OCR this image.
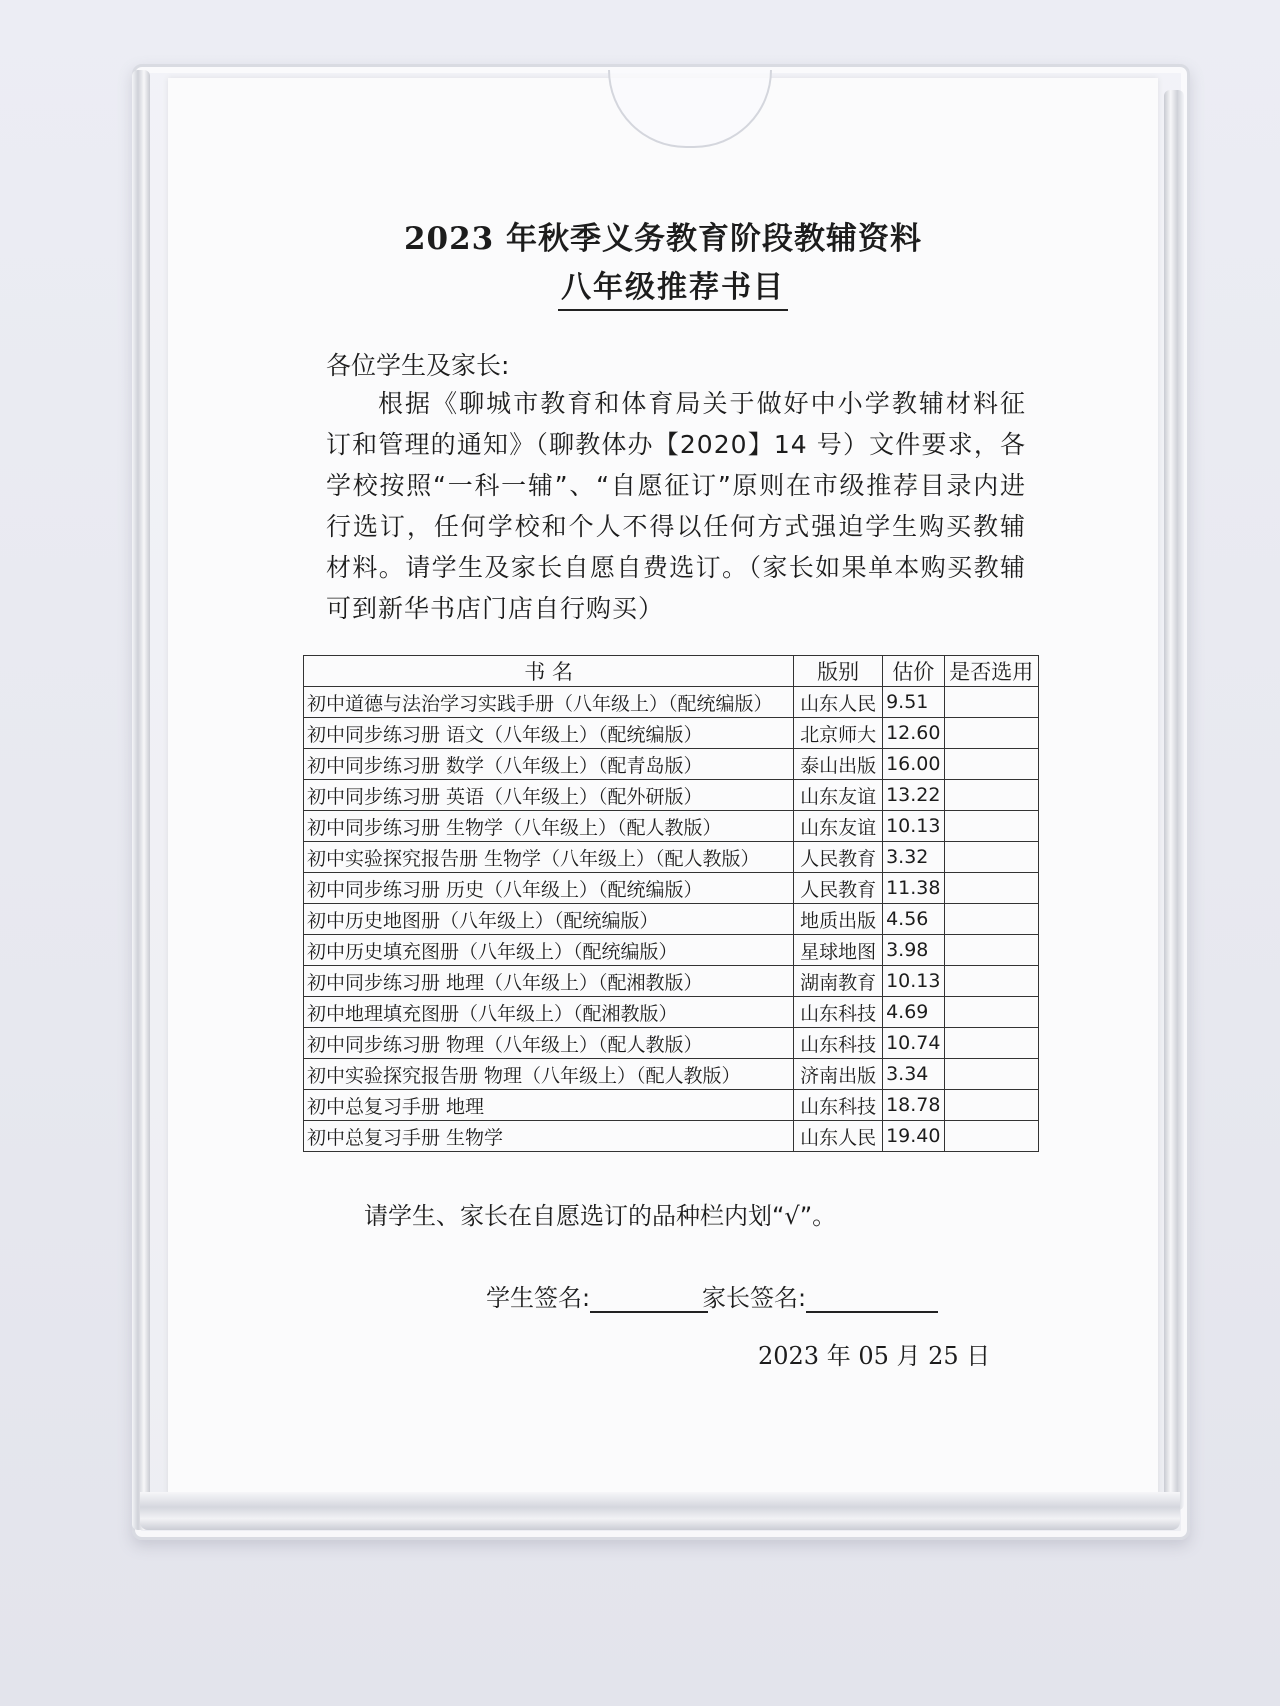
2023 年秋季义务教育阶段教辅资料
八年级推荐书目
各位学生及家长:
根据《聊城市教育和体育局关于做好中小学教辅材料征订和管理的通知》（聊教体办【2020】14 号）文件要求，各学校按照“一科一辅”、“自愿征订”原则在市级推荐目录内进行选订，任何学校和个人不得以任何方式强迫学生购买教辅材料。请学生及家长自愿自费选订。（家长如果单本购买教辅可到新华书店门店自行购买）
书 名	版别	估价	是否选用
初中道德与法治学习实践手册（八年级上）（配统编版）	山东人民	9.51	
初中同步练习册 语文（八年级上）（配统编版）	北京师大	12.60	
初中同步练习册 数学（八年级上）（配青岛版）	泰山出版	16.00	
初中同步练习册 英语（八年级上）（配外研版）	山东友谊	13.22	
初中同步练习册 生物学（八年级上）（配人教版）	山东友谊	10.13	
初中实验探究报告册 生物学（八年级上）（配人教版）	人民教育	3.32	
初中同步练习册 历史（八年级上）（配统编版）	人民教育	11.38	
初中历史地图册（八年级上）（配统编版）	地质出版	4.56	
初中历史填充图册（八年级上）（配统编版）	星球地图	3.98	
初中同步练习册 地理（八年级上）（配湘教版）	湖南教育	10.13	
初中地理填充图册（八年级上）（配湘教版）	山东科技	4.69	
初中同步练习册 物理（八年级上）（配人教版）	山东科技	10.74	
初中实验探究报告册 物理（八年级上）（配人教版）	济南出版	3.34	
初中总复习手册 地理	山东科技	18.78	
初中总复习手册 生物学	山东人民	19.40	
请学生、家长在自愿选订的品种栏内划“√”。
学生签名:	家长签名:
2023 年 05 月 25 日
